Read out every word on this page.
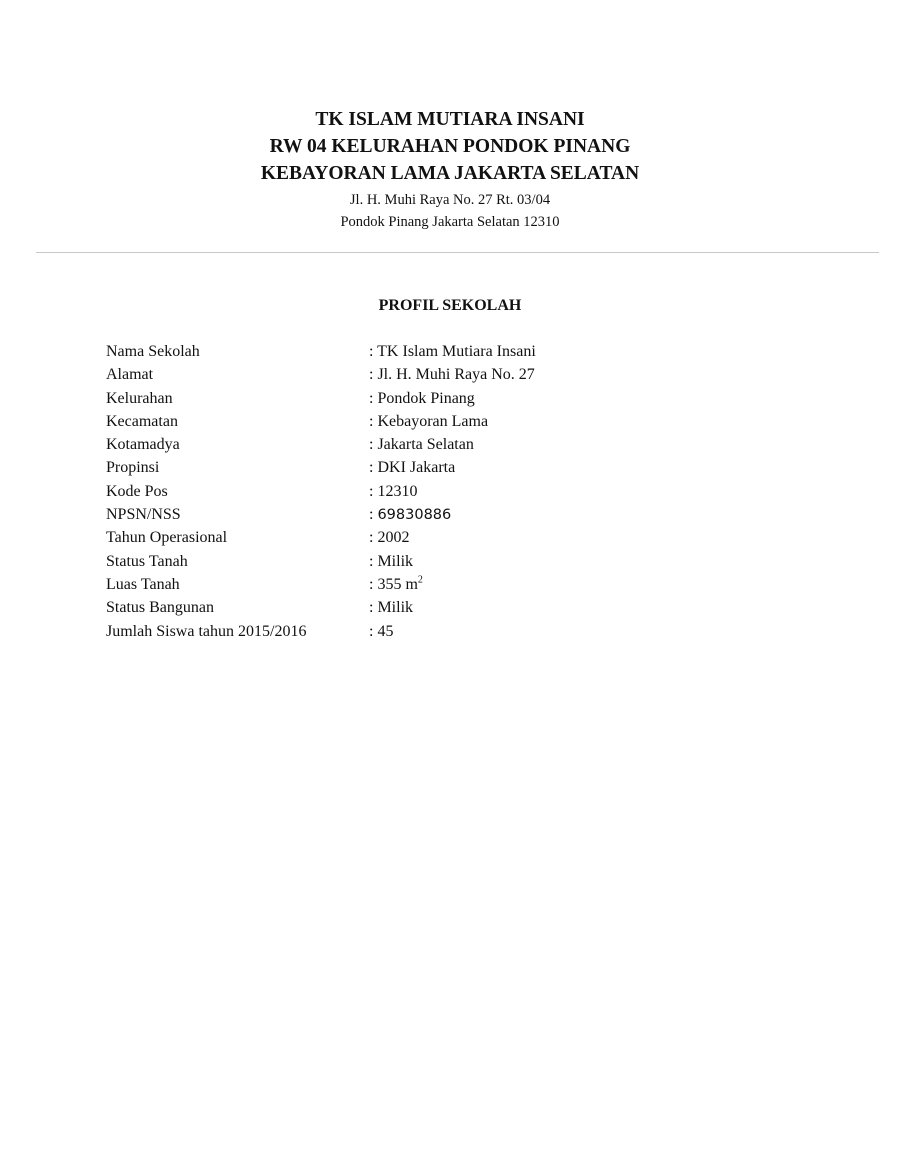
TK ISLAM MUTIARA INSANI

RW 04 KELURAHAN PONDOK PINANG

KEBAYORAN LAMA JAKARTA SELATAN

Jl. H. Muhi Raya No. 27 Rt. 03/04

Pondok Pinang Jakarta Selatan 12310

PROFIL SEKOLAH

Nama Sekolah	: TK Islam Mutiara Insani
Alamat	: Jl. H. Muhi Raya No. 27
Kelurahan	: Pondok Pinang
Kecamatan	: Kebayoran Lama
Kotamadya	: Jakarta Selatan
Propinsi	: DKI Jakarta
Kode Pos	: 12310
NPSN/NSS	: 69830886
Tahun Operasional	: 2002
Status Tanah	: Milik
Luas Tanah	: 355 $m^2$
Status Bangunan	: Milik
Jumlah Siswa tahun 2015/2016	: 45
